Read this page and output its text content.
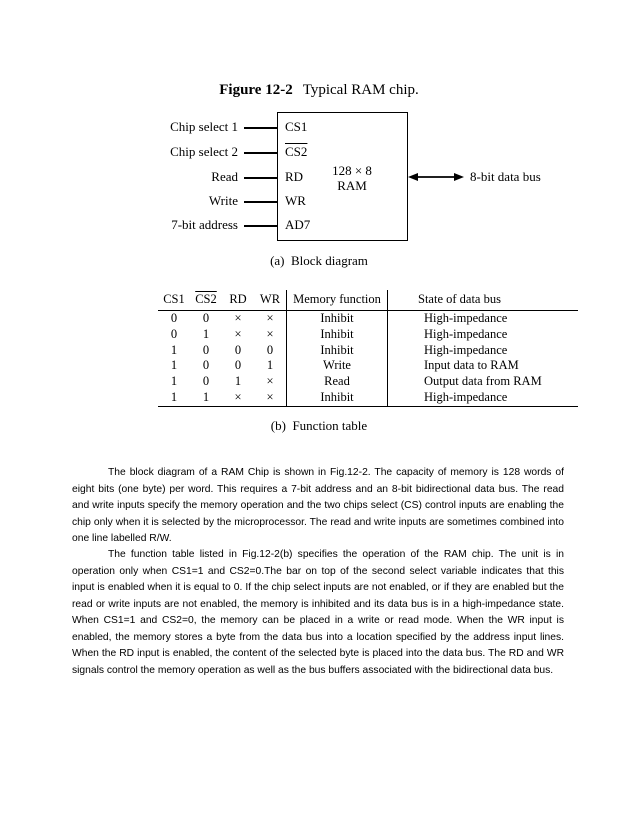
Figure 12-2 Typical RAM chip.
Chip select 1
Chip select 2
Read
Write
7-bit address
CS1
CS2
RD
WR
AD7
128 × 8
RAM
8-bit data bus
(a)  Block diagram
CS1	CS2	RD	WR	Memory function	State of data bus
0	0	×	×	Inhibit	High-impedance
0	1	×	×	Inhibit	High-impedance
1	0	0	0	Inhibit	High-impedance
1	0	0	1	Write	Input data to RAM
1	0	1	×	Read	Output data from RAM
1	1	×	×	Inhibit	High-impedance
(b)  Function table

The block diagram of a RAM Chip is shown in Fig.12-2. The capacity of memory is 128 words of eight bits (one byte) per word. This requires a 7-bit address and an 8-bit bidirectional data bus. The read and write inputs specify the memory operation and the two chips select (CS) control inputs are enabling the chip only when it is selected by the microprocessor. The read and write inputs are sometimes combined into one line labelled R/W.

The function table listed in Fig.12-2(b) specifies the operation of the RAM chip. The unit is in operation only when CS1=1 and CS2=0.The bar on top of the second select variable indicates that this input is enabled when it is equal to 0. If the chip select inputs are not enabled, or if they are enabled but the read or write inputs are not enabled, the memory is inhibited and its data bus is in a high-impedance state. When CS1=1 and CS2=0, the memory can be placed in a write or read mode. When the WR input is enabled, the memory stores a byte from the data bus into a location specified by the address input lines. When the RD input is enabled, the content of the selected byte is placed into the data bus. The RD and WR signals control the memory operation as well as the bus buffers associated with the bidirectional data bus.
